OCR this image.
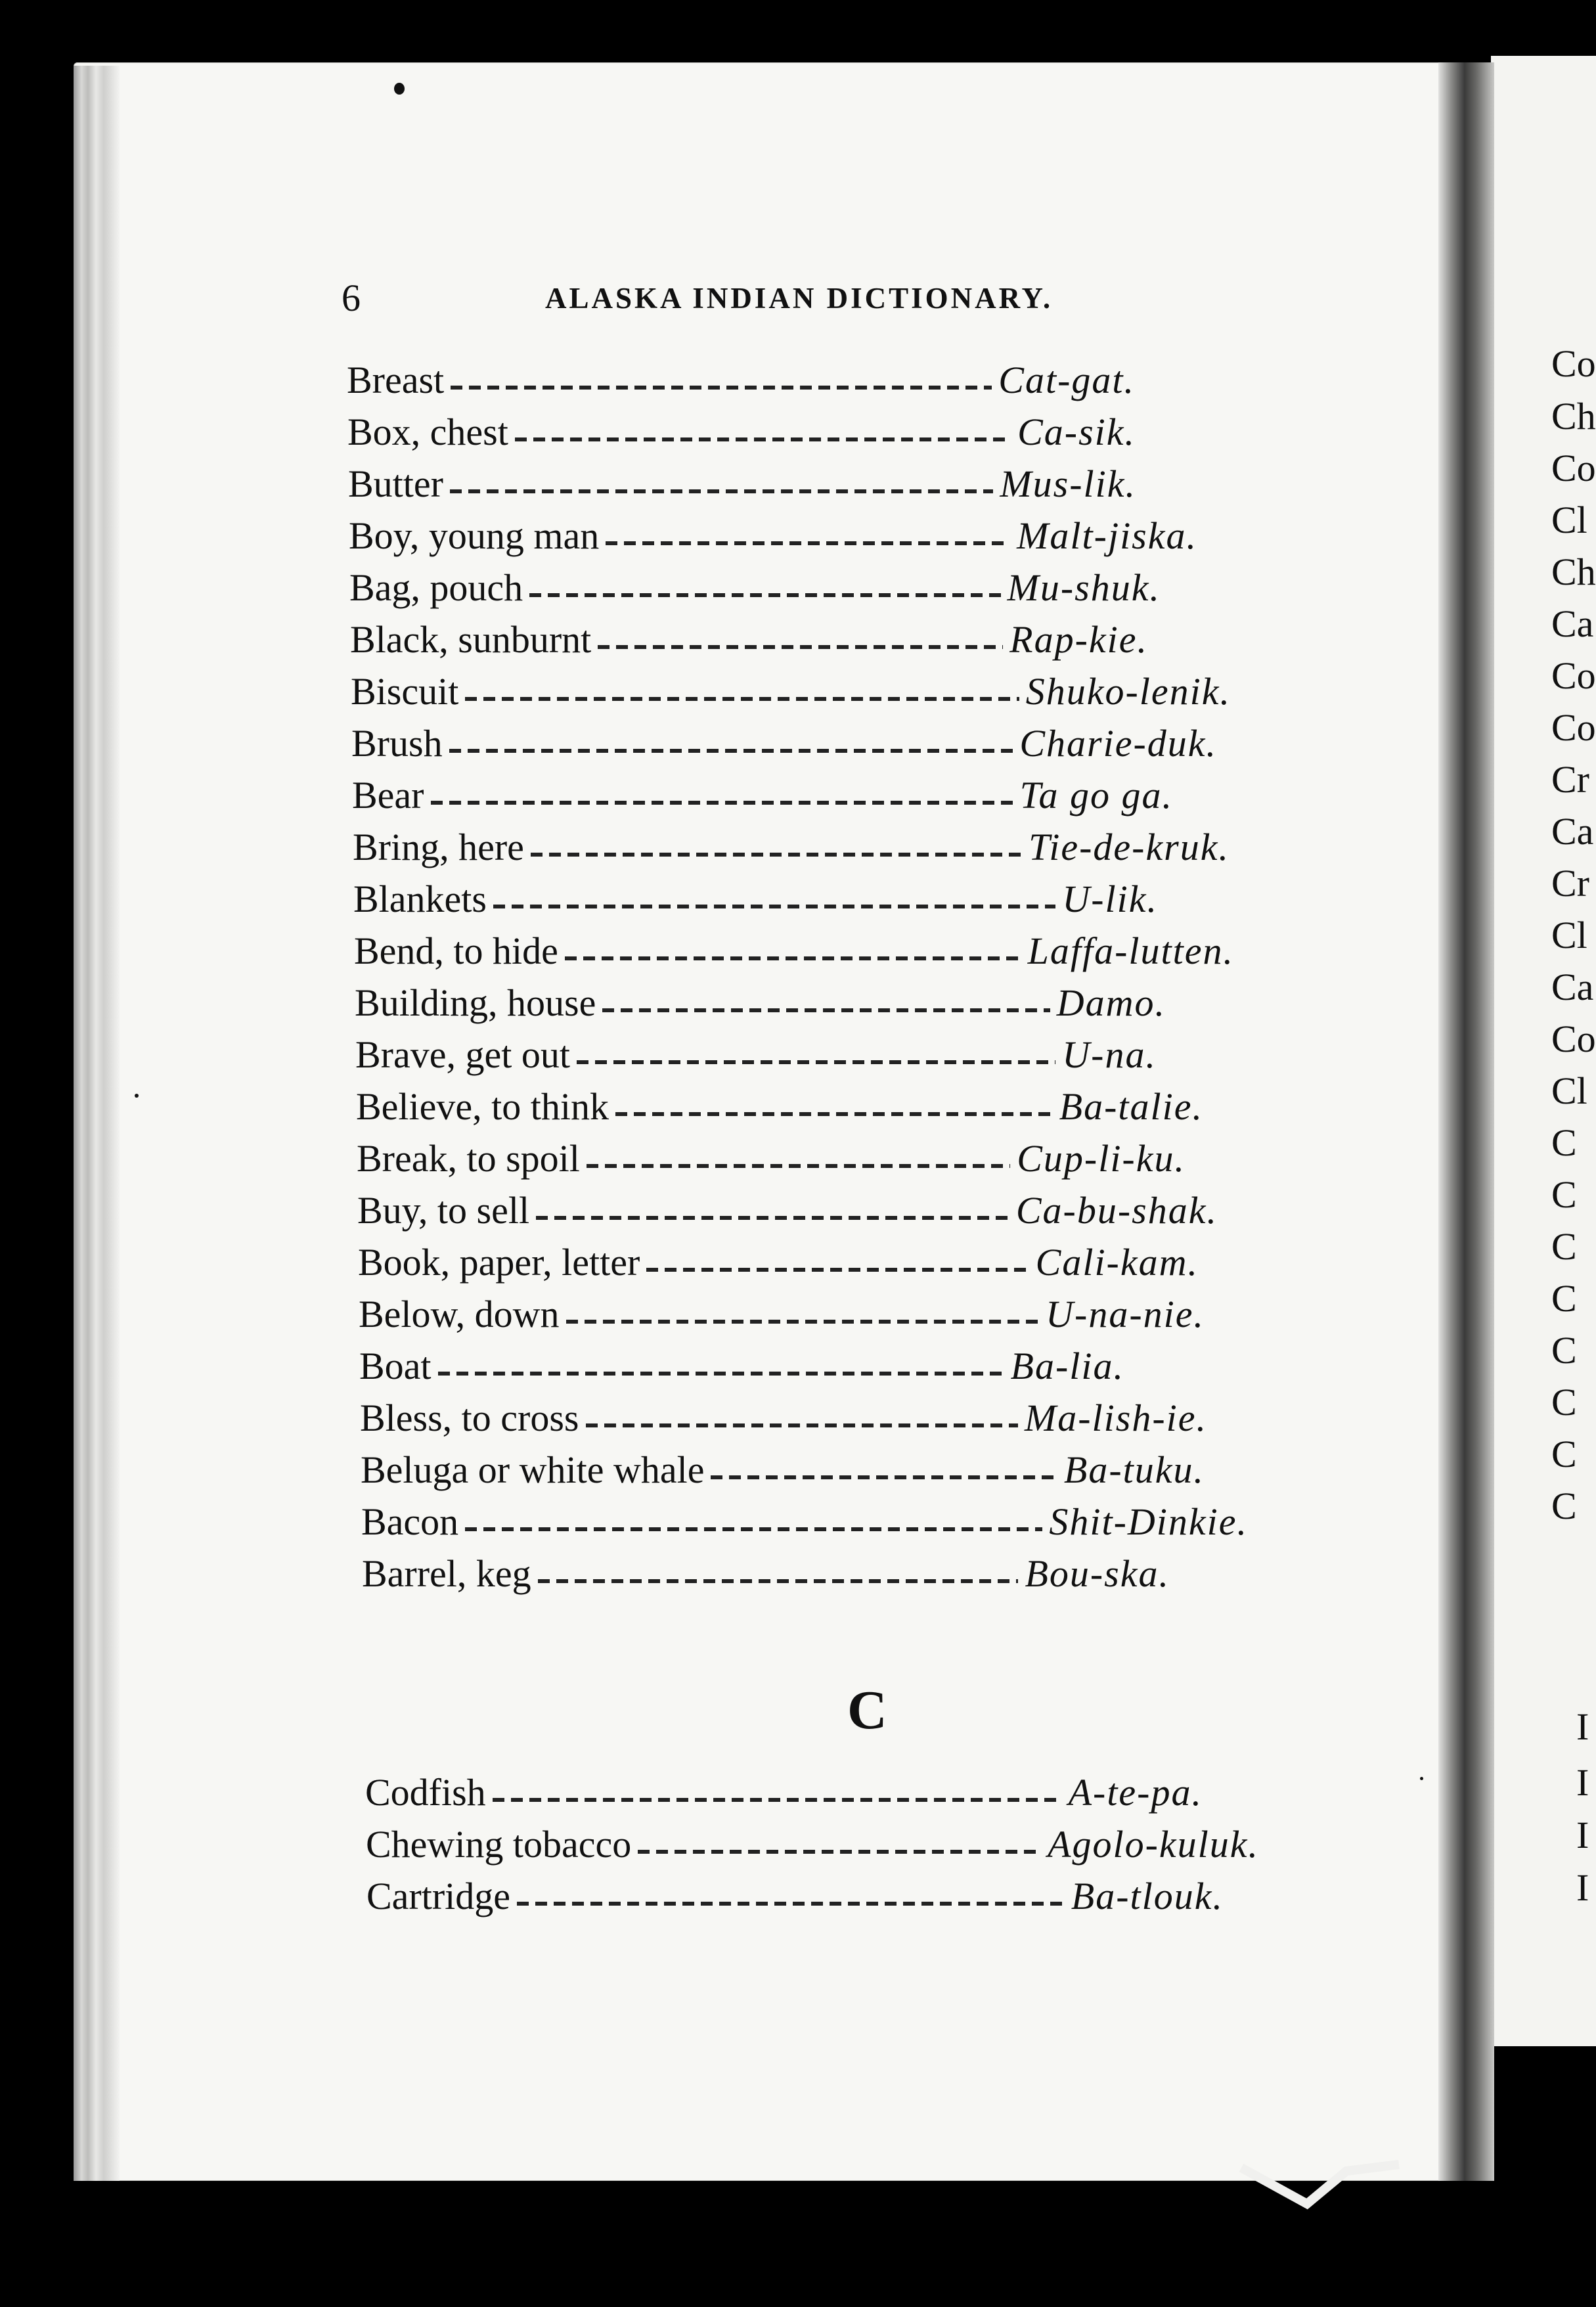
6	ALASKA INDIAN DICTIONARY.
Breast	Cat-gat.
Box, chest	Ca-sik.
Butter	Mus-lik.
Boy, young man	Malt-jiska.
Bag, pouch	Mu-shuk.
Black, sunburnt	Rap-kie.
Biscuit	Shuko-lenik.
Brush	Charie-duk.
Bear	Ta go ga.
Bring, here	Tie-de-kruk.
Blankets	U-lik.
Bend, to hide	Laffa-lutten.
Building, house	Damo.
Brave, get out	U-na.
Believe, to think	Ba-talie.
Break, to spoil	Cup-li-ku.
Buy, to sell	Ca-bu-shak.
Book, paper, letter	Cali-kam.
Below, down	U-na-nie.
Boat	Ba-lia.
Bless, to cross	Ma-lish-ie.
Beluga or white whale	Ba-tuku.
Bacon	Shit-Dinkie.
Barrel, keg	Bou-ska.
C
Codfish	A-te-pa.
Chewing tobacco	Agolo-kuluk.
Cartridge	Ba-tlouk.
Co
Ch
Co
Cl
Ch
Ca
Co
Co
Cr
Ca
Cr
Cl
Ca
Co
Cl
C
C
C
C
C
C
C
C
I
I
I
I
